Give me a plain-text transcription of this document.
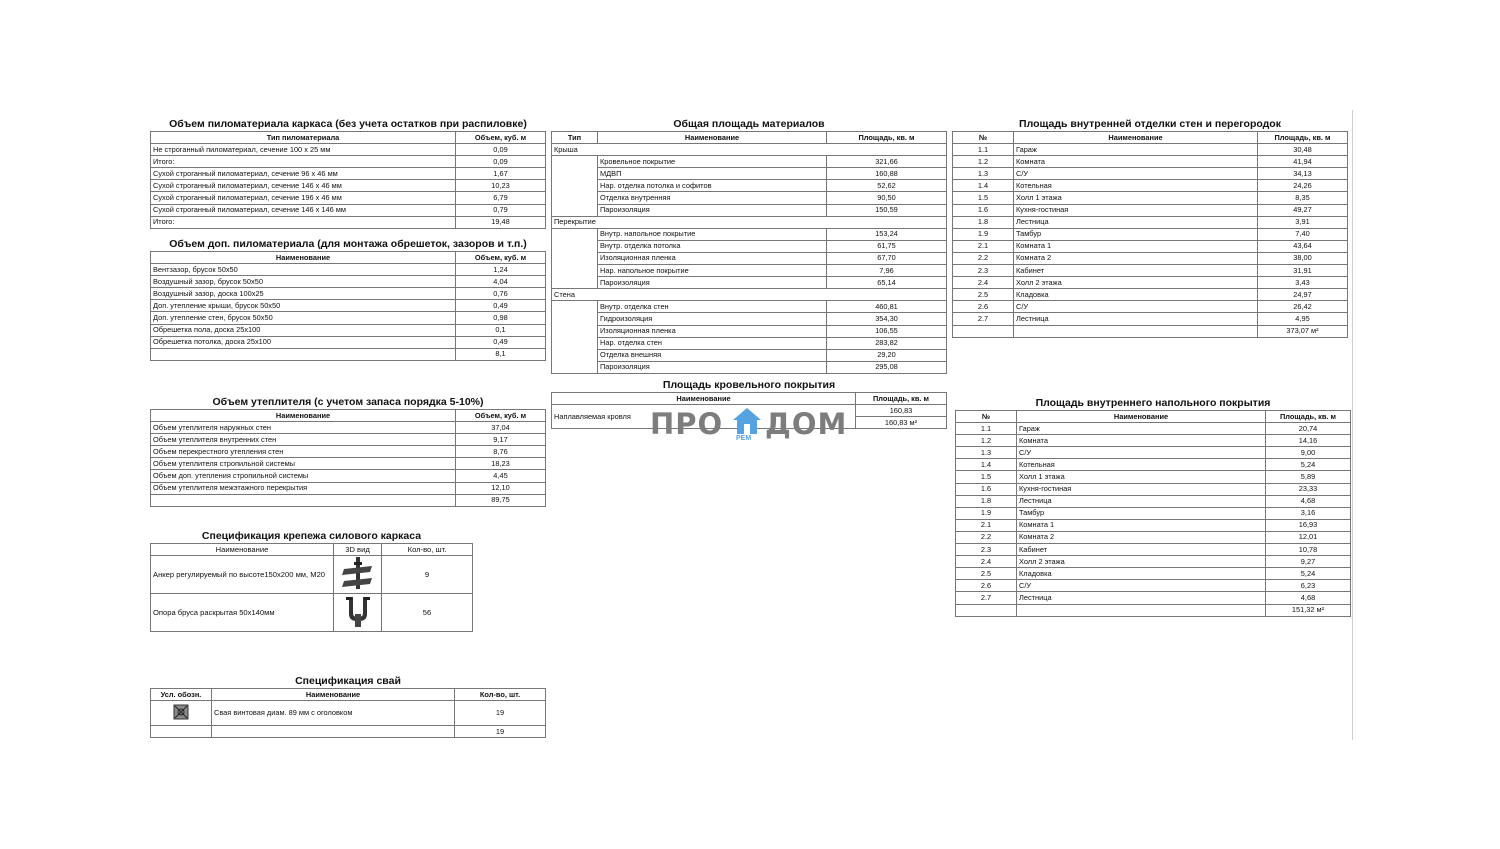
Объем пиломатериала каркаса (без учета остатков при распиловке)
Тип пиломатериала	Объем, куб. м
Не строганный пиломатериал, сечение 100 х 25 мм	0,09
Итого:	0,09
Сухой строганный пиломатериал, сечение 96 х 46 мм	1,67
Сухой строганный пиломатериал, сечение 146 х 46 мм	10,23
Сухой строганный пиломатериал, сечение 196 х 46 мм	6,79
Сухой строганный пиломатериал, сечение 146 х 146 мм	0,79
Итого:	19,48
Объем доп. пиломатериала (для монтажа обрешеток, зазоров и т.п.)
Наименование	Объем, куб. м
Вентзазор, брусок 50х50	1,24
Воздушный зазор, брусок 50х50	4,04
Воздушный зазор, доска 100х25	0,76
Доп. утепление крыши, брусок 50х50	0,49
Доп. утепление стен, брусок 50х50	0,98
Обрешетка пола, доска 25х100	0,1
Обрешетка потолка, доска 25х100	0,49
	8,1
Объем утеплителя (с учетом запаса порядка 5-10%)
Наименование	Объем, куб. м
Объем утеплителя наружных стен	37,04
Объем утеплителя внутренних стен	9,17
Объем перекрестного утепления стен	8,76
Объем утеплителя стропильной системы	18,23
Объем доп. утепления стропильной системы	4,45
Объем утеплителя межэтажного перекрытия	12,10
	89,75
Спецификация крепежа силового каркаса
Наименование	3D вид	Кол-во, шт.
Анкер регулируемый по высоте150х200 мм, М20		9
Опора бруса раскрытая 50х140мм		56
Спецификация свай
Усл. обозн.	Наименование	Кол-во, шт.
	Свая винтовая диам. 89 мм с оголовком	19
		19
Общая площадь материалов
Тип	Наименование	Площадь, кв. м
Крыша		
	Кровельное покрытие	321,66
	МДВП	160,88
	Нар. отделка потолка и софитов	52,62
	Отделка внутренняя	90,50
	Пароизоляция	150,59
Перекрытие		
	Внутр. напольное покрытие	153,24
	Внутр. отделка потолка	61,75
	Изоляционная пленка	67,70
	Нар. напольное покрытие	7,96
	Пароизоляция	65,14
Стена		
	Внутр. отделка стен	460,81
	Гидроизоляция	354,30
	Изоляционная пленка	106,55
	Нар. отделка стен	283,82
	Отделка внешняя	29,20
	Пароизоляция	295,08
Площадь кровельного покрытия
Наименование	Площадь, кв. м
Наплавляемая кровля	160,83
	160,83 м²
ПРО РЕМ ДОМ
Площадь внутренней отделки стен и перегородок
№	Наименование	Площадь, кв. м
1.1	Гараж	30,48
1.2	Комната	41,94
1.3	С/У	34,13
1.4	Котельная	24,26
1.5	Холл 1 этажа	8,35
1.6	Кухня-гостиная	49,27
1.8	Лестница	3,91
1.9	Тамбур	7,40
2.1	Комната 1	43,64
2.2	Комната 2	38,00
2.3	Кабинет	31,91
2.4	Холл 2 этажа	3,43
2.5	Кладовка	24,97
2.6	С/У	26,42
2.7	Лестница	4,95
		373,07 м²
Площадь внутреннего напольного покрытия
№	Наименование	Площадь, кв. м
1.1	Гараж	20,74
1.2	Комната	14,16
1.3	С/У	9,00
1.4	Котельная	5,24
1.5	Холл 1 этажа	5,89
1.6	Кухня-гостиная	23,33
1.8	Лестница	4,68
1.9	Тамбур	3,16
2.1	Комната 1	16,93
2.2	Комната 2	12,01
2.3	Кабинет	10,78
2.4	Холл 2 этажа	9,27
2.5	Кладовка	5,24
2.6	С/У	6,23
2.7	Лестница	4,68
		151,32 м²
